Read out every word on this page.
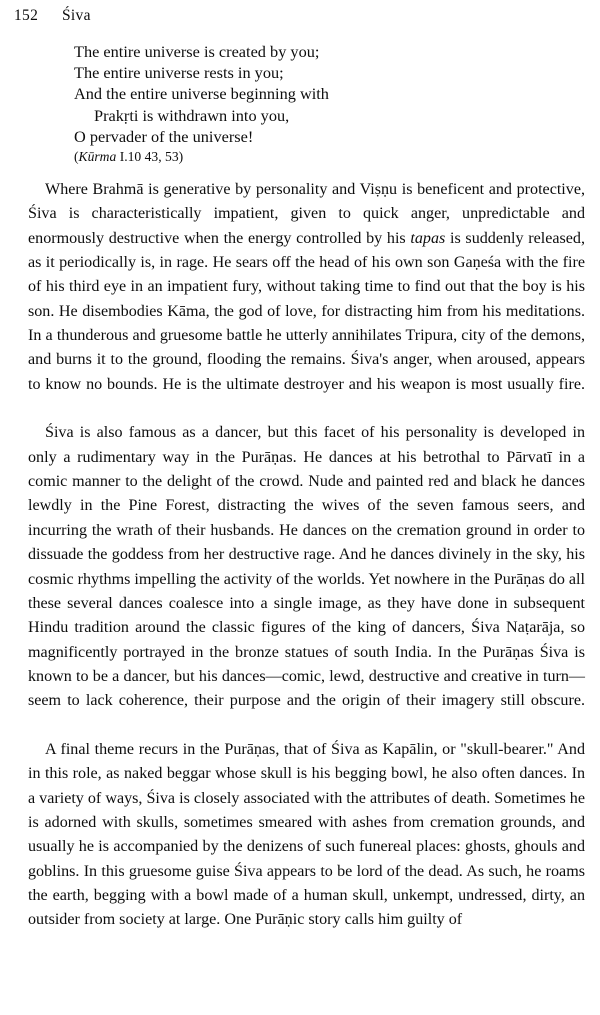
152 Śiva
The entire universe is created by you;
The entire universe rests in you;
And the entire universe beginning with
Prakṛti is withdrawn into you,
O pervader of the universe!
(Kūrma I.10 43, 53)

Where Brahmā is generative by personality and Viṣṇu is beneficent and protective, Śiva is characteristically impatient, given to quick anger, unpredictable and enormously destructive when the energy controlled by his tapas is suddenly released, as it periodically is, in rage. He sears off the head of his own son Gaṇeśa with the fire of his third eye in an impatient fury, without taking time to find out that the boy is his son. He disembodies Kāma, the god of love, for distracting him from his meditations. In a thunderous and gruesome battle he utterly annihilates Tripura, city of the demons, and burns it to the ground, flooding the remains. Śiva's anger, when aroused, appears to know no bounds. He is the ultimate destroyer and his weapon is most usually fire.

Śiva is also famous as a dancer, but this facet of his personality is developed in only a rudimentary way in the Purāṇas. He dances at his betrothal to Pārvatī in a comic manner to the delight of the crowd. Nude and painted red and black he dances lewdly in the Pine Forest, distracting the wives of the seven famous seers, and incurring the wrath of their husbands. He dances on the cremation ground in order to dissuade the goddess from her destructive rage. And he dances divinely in the sky, his cosmic rhythms impelling the activity of the worlds. Yet nowhere in the Purāṇas do all these several dances coalesce into a single image, as they have done in subsequent Hindu tradition around the classic figures of the king of dancers, Śiva Naṭarāja, so magnificently portrayed in the bronze statues of south India. In the Purāṇas Śiva is known to be a dancer, but his dances—comic, lewd, destructive and creative in turn—seem to lack coherence, their purpose and the origin of their imagery still obscure.

A final theme recurs in the Purāṇas, that of Śiva as Kapālin, or "skull-bearer." And in this role, as naked beggar whose skull is his begging bowl, he also often dances. In a variety of ways, Śiva is closely associated with the attributes of death. Sometimes he is adorned with skulls, sometimes smeared with ashes from cremation grounds, and usually he is accompanied by the denizens of such funereal places: ghosts, ghouls and goblins. In this gruesome guise Śiva appears to be lord of the dead. As such, he roams the earth, begging with a bowl made of a human skull, unkempt, undressed, dirty, an outsider from society at large. One Purāṇic story calls him guilty of
